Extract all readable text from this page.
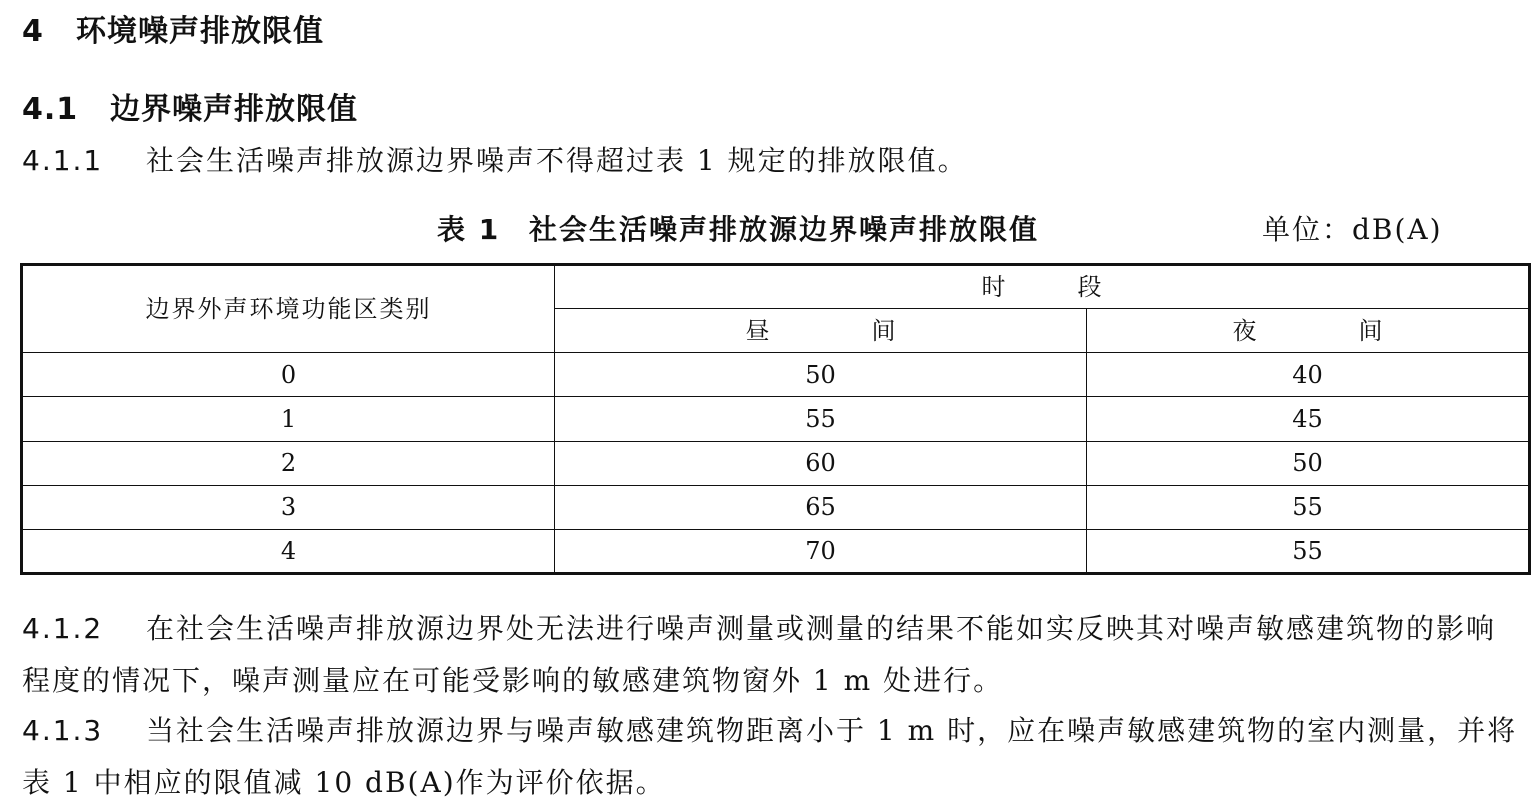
4 环境噪声排放限值
4.1 边界噪声排放限值
4.1.1 社会生活噪声排放源边界噪声不得超过表 1 规定的排放限值。
表 1 社会生活噪声排放源边界噪声排放限值	单位：dB(A)
边界外声环境功能区类别	时 段	
	昼 间	夜 间
0	50	40
1	55	45
2	60	50
3	65	55
4	70	55
4.1.2 在社会生活噪声排放源边界处无法进行噪声测量或测量的结果不能如实反映其对噪声敏感建筑物的影响程度的情况下，噪声测量应在可能受影响的敏感建筑物窗外 1 m 处进行。
4.1.3 当社会生活噪声排放源边界与噪声敏感建筑物距离小于 1 m 时，应在噪声敏感建筑物的室内测量，并将表 1 中相应的限值减 10 dB(A)作为评价依据。
